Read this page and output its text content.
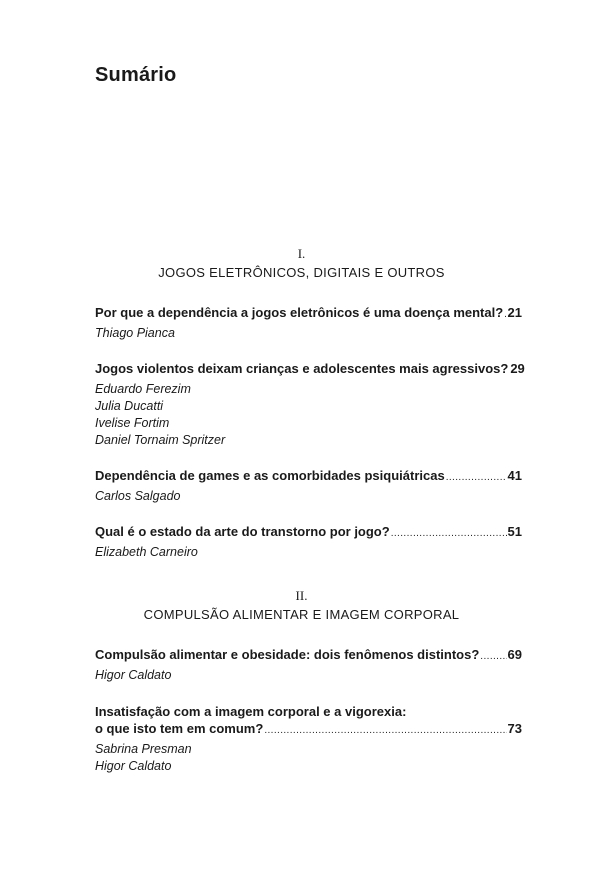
Sumário
I.
JOGOS ELETRÔNICOS, DIGITAIS E OUTROS
Por que a dependência a jogos eletrônicos é uma doença mental? ..... 21
Thiago Pianca
Jogos violentos deixam crianças e adolescentes mais agressivos? 29
Eduardo Ferezim
Julia Ducatti
Ivelise Fortim
Daniel Tornaim Spritzer
Dependência de games e as comorbidades psiquiátricas .....	41
Carlos Salgado
Qual é o estado da arte do transtorno por jogo? .....	51
Elizabeth Carneiro
II.
COMPULSÃO ALIMENTAR E IMAGEM CORPORAL
Compulsão alimentar e obesidade: dois fenômenos distintos? ..... 69
Higor Caldato
Insatisfação com a imagem corporal e a vigorexia:
o que isto tem em comum? .....	73
Sabrina Presman
Higor Caldato
